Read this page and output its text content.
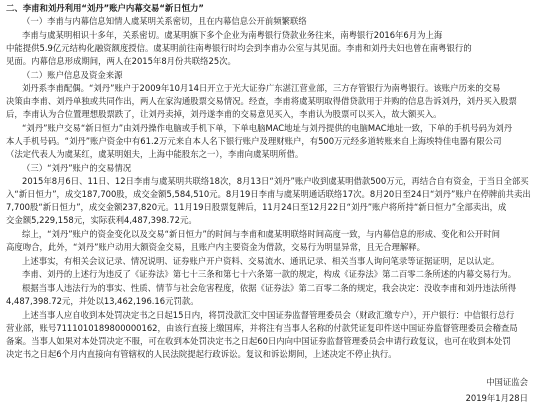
二、李甫和刘丹利用“刘丹”账户内幕交易“新日恒力”
（一）李甫与内幕信息知情人虞某明关系密切，且在内幕信息公开前频繁联络
李甫与虞某明相识十多年，关系密切。虞某明旗下多个企业为南粤银行贷款业务往来，南粤银行2016年6月为上海
中能提供5.9亿元结构化融资额度授信。虞某明前往南粤银行时均会到李甫办公室与其见面。李甫和刘丹夫妇也曾在南粤银行的
见面。内幕信息形成期间，两人在2015年8月份共联络25次。
（二）账户信息及资金来源
刘丹系李甫配偶。“刘丹”账户于2009年10月14日开立于光大证券广东湛江营业部，三方存管银行为南粤银行。该账户历来的交易
决策由李甫、刘丹单独或共同作出，两人在家沟通股票交易情况。经查，李甫将虞某明取得借贷款用于并购的信息告诉刘丹，刘丹买入股票
后，李甫认为合位置理想股票跌了，让刘丹卖掉，刘丹遂李甫的交易意见买入，李甫认为股票可以买入，故大额买入。
“刘丹”账户交易“新日恒力”由刘丹操作电脑或手机下单，下单电脑MAC地址与刘丹提供的电脑MAC地址一致，下单的手机号码为刘丹
本人手机号码。“刘丹”账户资金中有61.2万元来自本人名下银行账户及理财账户，有500万元经多道转账来自上海埃特佳电器有限公司
（法定代表人为虞某红，虞某明姐夫，上海中能股东之一），李甫向虞某明所借。
（三）“刘丹”账户的交易情况
2015年8月6日、11日、12日李甫与虞某明共联络18次，8月13日“刘丹”账户收到虞某明借款500万元，再结合自有资金，于当日全部买
入“新日恒力”，成交187,700股，成交金额5,584,510元。8月19日李甫与虞某明通话联络17次。8月20日至24日“刘丹”账户在停牌前共卖出
7,700股“新日恒力”，成交金额237,820元。11月19日股票复牌后，11月24日至12月22日“刘丹”账户将所持“新日恒力”全部卖出，成
交金额5,229,158元，实际获利4,487,398.72元。
综上，“刘丹”账户的资金变化以及交易“新日恒力”的时间与李甫和虞某明联络时间高度一致，与内幕信息的形成、变化和公开时间
高度吻合，此外，“刘丹”账户动用大额资金交易，且账户内主要资金为借款，交易行为明显异常，且无合理解释。
上述事实，有相关会议记录、情况说明、证券账户开户资料、交易流水、通讯记录、相关当事人询问笔录等证据证明，足以认定。
李甫、刘丹的上述行为违反了《证券法》第七十三条和第七十六条第一款的规定，构成《证券法》第二百零二条所述的内幕交易行为。
根据当事人违法行为的事实、性质、情节与社会危害程度，依据《证券法》第二百零二条的规定，我会决定：没收李甫和刘丹违法所得
4,487,398.72元，并处以13,462,196.16元罚款。
上述当事人应自收到本处罚决定书之日起15日内，将罚没款汇交中国证券监督管理委员会（财政汇缴专户），开户银行：中信银行总行
营业部，账号7111010189800000162，由该行直接上缴国库，并将注有当事人名称的付款凭证复印件送中国证券监督管理委员会稽查局
备案。当事人如果对本处罚决定不服，可在收到本处罚决定书之日起60日内向中国证券监督管理委员会申请行政复议，也可在收到本处罚
决定书之日起6个月内直接向有管辖权的人民法院提起行政诉讼。复议和诉讼期间，上述决定不停止执行。
中国证监会
2019年1月28日
